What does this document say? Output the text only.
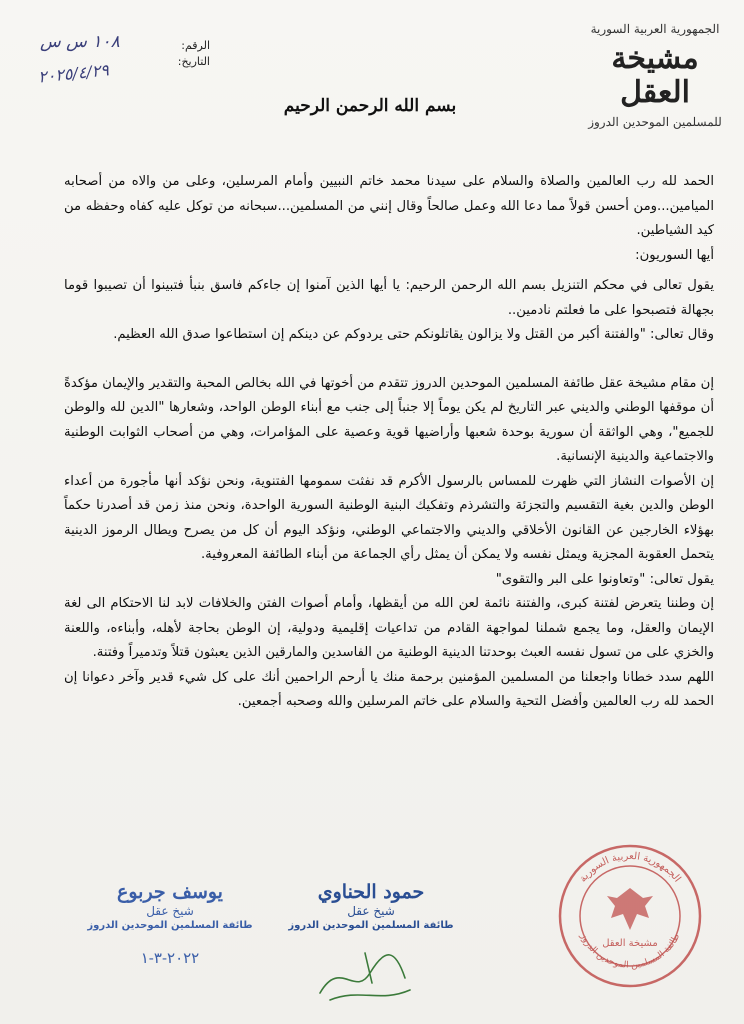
الجمهورية العربية السورية
مشيخة العقل
للمسلمين الموحدين الدروز
الرقم:
التاريخ:
١٠٨ س س
٢٠٢٥/٤/٢٩
بسم الله الرحمن الرحيم

الحمد لله رب العالمين والصلاة والسلام على سيدنا محمد خاتم النبيين وأمام المرسلين، وعلى من والاه من أصحابه الميامين...ومن أحسن قولاً مما دعا الله وعمل صالحاً وقال إنني من المسلمين...سبحانه من توكل عليه كفاه وحفظه من كيد الشياطين.

أيها السوريون:

يقول تعالى في محكم التنزيل بسم الله الرحمن الرحيم: يا أيها الذين آمنوا إن جاءكم فاسق بنبأ فتبينوا أن تصيبوا قوما بجهالة فتصبحوا على ما فعلتم نادمين..

وقال تعالى: "والفتنة أكبر من القتل ولا يزالون يقاتلونكم حتى يردوكم عن دينكم إن استطاعوا صدق الله العظيم.

إن مقام مشيخة عقل طائفة المسلمين الموحدين الدروز تتقدم من أخوتها في الله بخالص المحبة والتقدير والإيمان مؤكدةً أن موقفها الوطني والديني عبر التاريخ لم يكن يوماً إلا جنباً إلى جنب مع أبناء الوطن الواحد، وشعارها "الدين لله والوطن للجميع"، وهي الواثقة أن سورية بوحدة شعبها وأراضيها قوية وعصية على المؤامرات، وهي من أصحاب الثوابت الوطنية والاجتماعية والدينية الإنسانية.

إن الأصوات النشاز التي ظهرت للمساس بالرسول الأكرم قد نفثت سمومها الفتنوية، ونحن نؤكد أنها مأجورة من أعداء الوطن والدين بغية التقسيم والتجزئة والتشرذم وتفكيك البنية الوطنية السورية الواحدة، ونحن منذ زمن قد أصدرنا حكماً بهؤلاء الخارجين عن القانون الأخلاقي والديني والاجتماعي الوطني، ونؤكد اليوم أن كل من يصرح ويطال الرموز الدينية يتحمل العقوبة المجزية ويمثل نفسه ولا يمكن أن يمثل رأي الجماعة من أبناء الطائفة المعروفية.

يقول تعالى: "وتعاونوا على البر والتقوى"

إن وطننا يتعرض لفتنة كبرى، والفتنة نائمة لعن الله من أيقظها، وأمام أصوات الفتن والخلافات لابد لنا الاحتكام الى لغة الإيمان والعقل، وما يجمع شملنا لمواجهة القادم من تداعيات إقليمية ودولية، إن الوطن بحاجة لأهله، وأبناءه، واللعنة والخزي على من تسول نفسه العبث بوحدتنا الدينية الوطنية من الفاسدين والمارقين الذين يعبثون قتلاً وتدميراً وفتنة.

اللهم سدد خطانا واجعلنا من المسلمين المؤمنين برحمة منك يا أرحم الراحمين أنك على كل شيء قدير وآخر دعوانا إن الحمد لله رب العالمين وأفضل التحية والسلام على خاتم المرسلين والله وصحبه أجمعين.

يوسف جربوع
شيخ عقل
طائفة المسلمين الموحدين الدروز
٢٠٢٢-٣-١
حمود الحناوي
شيخ عقل
طائفة المسلمين الموحدين الدروز
الجمهورية العربية السورية
طائفة المسلمين الموحدين الدروز
مشيخة العقل
